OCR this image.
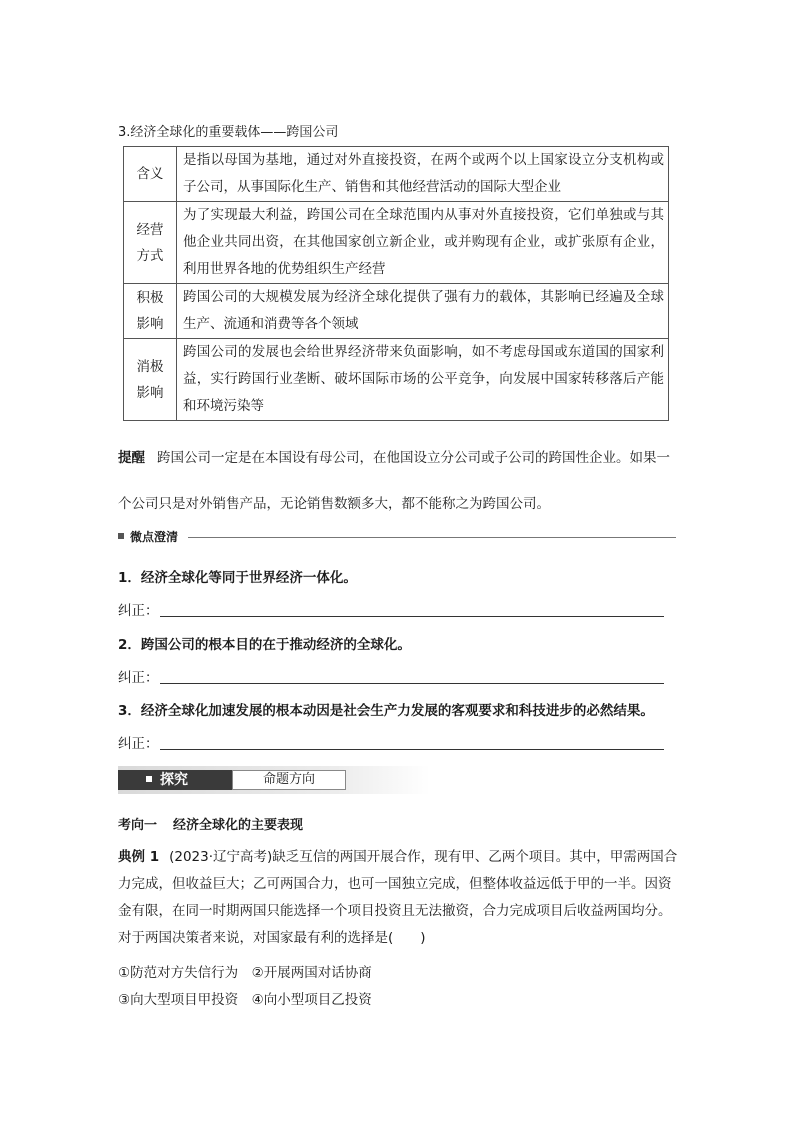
3.经济全球化的重要载体——跨国公司
含义	是指以母国为基地，通过对外直接投资，在两个或两个以上国家设立分支机构或子公司，从事国际化生产、销售和其他经营活动的国际大型企业

经营
方式	为了实现最大利益，跨国公司在全球范围内从事对外直接投资，它们单独或与其他企业共同出资，在其他国家创立新企业，或并购现有企业，或扩张原有企业，利用世界各地的优势组织生产经营

积极
影响	跨国公司的大规模发展为经济全球化提供了强有力的载体，其影响已经遍及全球生产、流通和消费等各个领域

消极
影响	跨国公司的发展也会给世界经济带来负面影响，如不考虑母国或东道国的国家利益，实行跨国行业垄断、破坏国际市场的公平竞争，向发展中国家转移落后产能和环境污染等
提醒 跨国公司一定是在本国设有母公司，在他国设立分公司或子公司的跨国性企业。如果一个公司只是对外销售产品，无论销售数额多大，都不能称之为跨国公司。
微点澄清
1．经济全球化等同于世界经济一体化。
纠正：
2．跨国公司的根本目的在于推动经济的全球化。
纠正：
3．经济全球化加速发展的根本动因是社会生产力发展的客观要求和科技进步的必然结果。
纠正：
探究	命题方向
考向一 经济全球化的主要表现
典例 1 (2023·辽宁高考)缺乏互信的两国开展合作，现有甲、乙两个项目。其中，甲需两国合力完成，但收益巨大；乙可两国合力，也可一国独立完成，但整体收益远低于甲的一半。因资金有限，在同一时期两国只能选择一个项目投资且无法撤资，合力完成项目后收益两国均分。对于两国决策者来说，对国家最有利的选择是(　　)
①防范对方失信行为　②开展两国对话协商
③向大型项目甲投资　④向小型项目乙投资
